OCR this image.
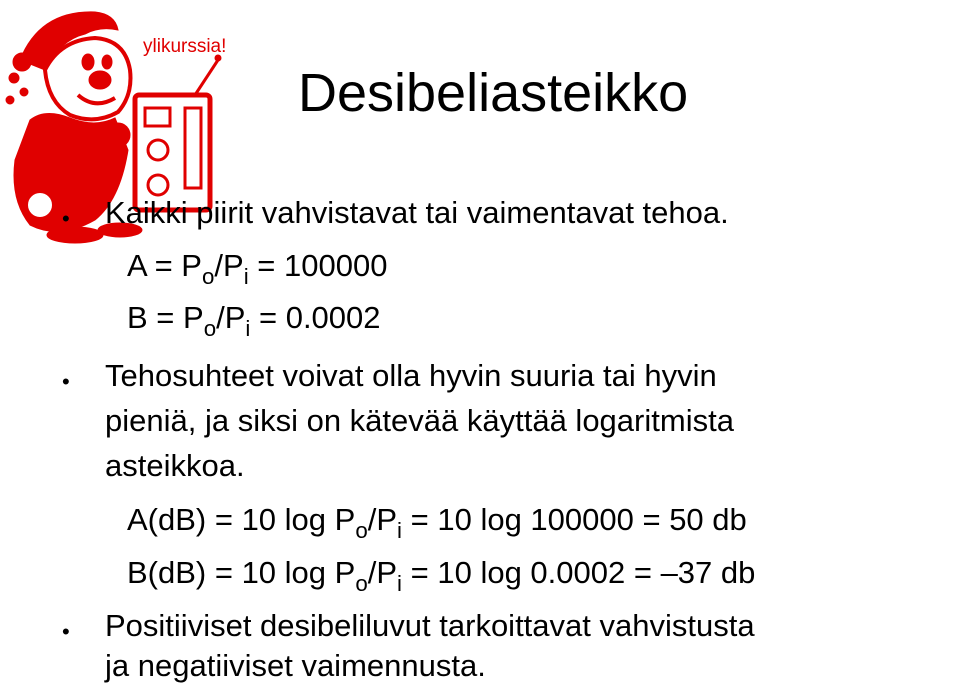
ylikurssia!
Desibeliasteikko
• Kaikki piirit vahvistavat tai vaimentavat tehoa.
$A = P_o/P_i = 100000$
$B = P_o/P_i = 0.0002$
• Tehosuhteet voivat olla hyvin suuria tai hyvin
pieniä, ja siksi on kätevää käyttää logaritmista
asteikkoa.
A(dB) = 10 $\log P_o/P_i = 10$ log 100000 = 50 db
B(dB) = 10 $\log P_o/P_i = 10$ log 0.0002 = –37 db
• Positiiviset desibeliluvut tarkoittavat vahvistusta
ja negatiiviset vaimennusta.
